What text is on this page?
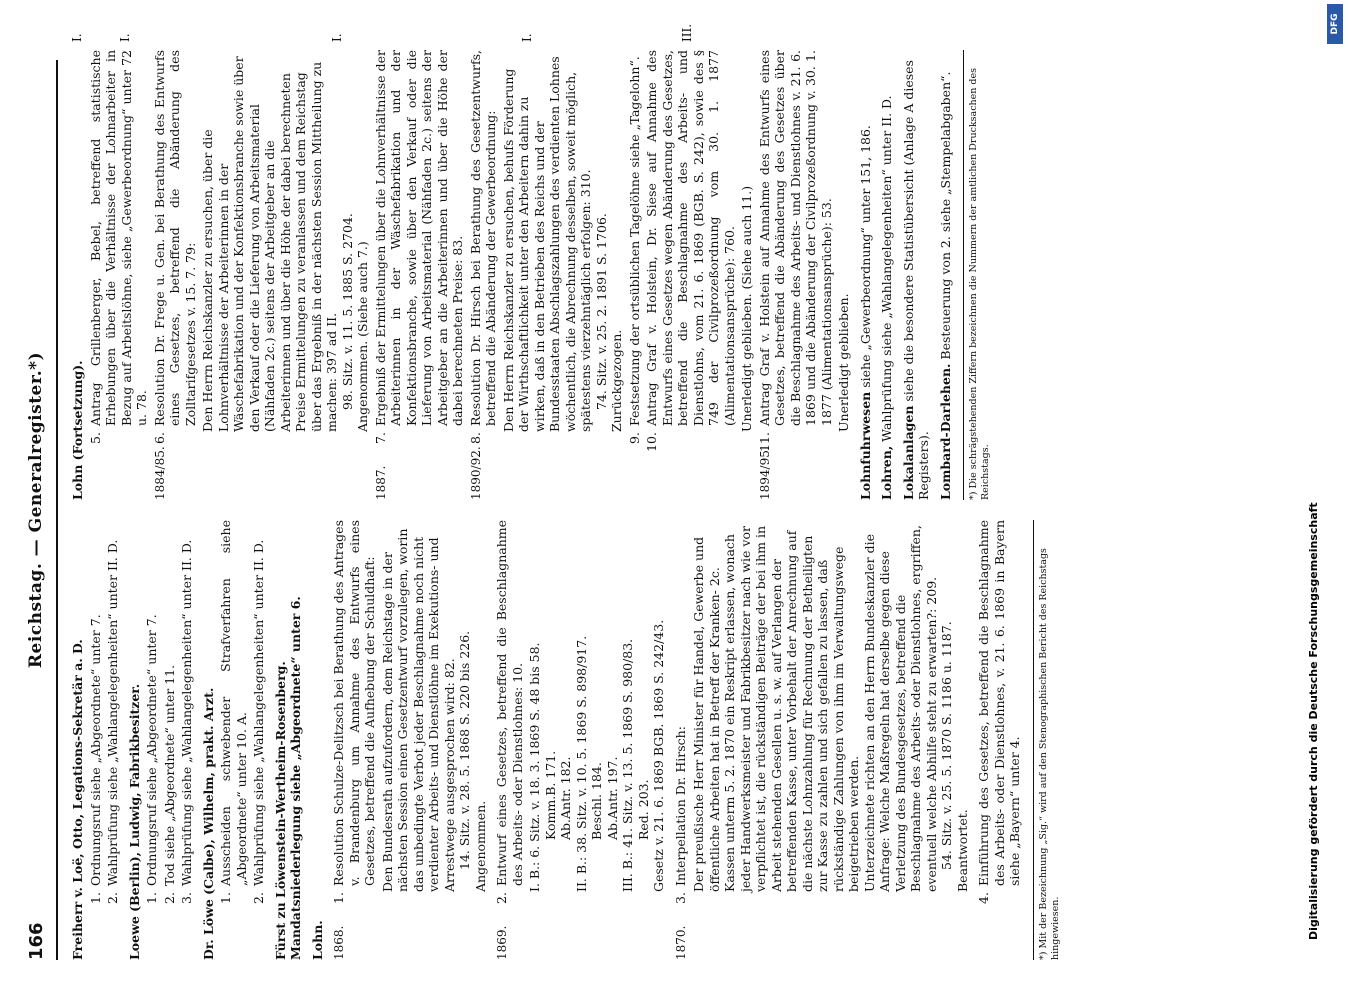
166
Reichstag. — Generalregister.*)
Freiherr v. Loë, Otto, Legations-Sekretär a. D. 1.
Ordnungsruf siehe „Abgeordnete“ unter 7.
2.
Wahlprüfung siehe „Wahlangelegenheiten“ unter II. D. Loewe (Berlin), Ludwig, Fabrikbesitzer. 1.
Ordnungsruf siehe „Abgeordnete“ unter 7.
2.
Tod siehe „Abgeordnete“ unter 11.
3.
Wahlprüfung siehe „Wahlangelegenheiten“ unter II. D. Dr. Löwe (Calbe), Wilhelm, prakt. Arzt. 1.
Ausscheiden schwebender Strafverfahren siehe „Abgeordnete“ unter 10. A.
2.
Wahlprüfung siehe „Wahlangelegenheiten“ unter II. D. Fürst zu Löwenstein-Wertheim-Rosenberg. Mandatsniederlegung siehe „Abgeordnete“ unter 6. Lohn. 1868.
1.
Resolution Schulze-Delitzsch bei Berathung des Antrages v. Brandenburg um Annahme des Entwurfs eines Gesetzes, betreffend die Aufhebung der Schuldhaft: Den Bundesrath aufzufordern, dem Reichstage in der nächsten Session einen Gesetzentwurf vorzulegen, worin das unbedingte Verbot jeder Beschlagnahme noch nicht verdienter Arbeits- und Dienstlöhne im Exekutions- und Arrestwege ausgesprochen wird: 82. 14. Sitz. v. 28. 5. 1868 S. 220 bis 226. Angenommen.
1869.
2.
Entwurf eines Gesetzes, betreffend die Beschlagnahme des Arbeits- oder Dienstlohnes: 10. I. B.: 6. Sitz. v. 18. 3. 1869 S. 48 bis 58. Komm.B. 171. Ab.Antr. 182. II. B.: 38. Sitz. v. 10. 5. 1869 S. 898/917. Beschl. 184. Ab.Antr. 197. III. B.: 41. Sitz. v. 13. 5. 1869 S. 980/83. Red. 203. Gesetz v. 21. 6. 1869 BGB. 1869 S. 242/43.
1870.
3.
Interpellation Dr. Hirsch: Der preußische Herr Minister für Handel, Gewerbe und öffentliche Arbeiten hat in Betreff der Kranken- 2c. Kassen unterm 5. 2. 1870 ein Reskript erlassen, wonach jeder Handwerksmeister und Fabrikbesitzer nach wie vor verpflichtet ist, die rückständigen Beiträge der bei ihm in Arbeit stehenden Gesellen u. s. w. auf Verlangen der betreffenden Kasse, unter Vorbehalt der Anrechnung auf die nächste Lohnzahlung für Rechnung der Betheiligten zur Kasse zu zahlen und sich gefallen zu lassen, daß rückständige Zahlungen von ihm im Verwaltungswege beigetrieben werden. Unterzeichnete richten an den Herrn Bundeskanzler die Anfrage: Welche Maßregeln hat derselbe gegen diese Verletzung des Bundesgesetzes, betreffend die Beschlagnahme des Arbeits- oder Dienstlohnes, ergriffen, eventuell welche Abhilfe steht zu erwarten?: 209. 54. Sitz. v. 25. 5. 1870 S. 1186 u. 1187. Beantwortet.
4.
Einführung des Gesetzes, betreffend die Beschlagnahme des Arbeits- oder Dienstlohnes, v. 21. 6. 1869 in Bayern siehe „Bayern“ unter 4.	*) Mit der Bezeichnung „Sig.“ wird auf den Stenographischen Bericht des Reichstags hingewiesen.
Lohn (Fortsetzung). 5.
Antrag Grillenberger, Bebel, betreffend statistische Erhebungen über die Verhältnisse der Lohnarbeiter in Bezug auf Arbeitslöhne, siehe „Gewerbeordnung“ unter 72 u. 78.
1884/85.
6.
Resolution Dr. Frege u. Gen. bei Berathung des Entwurfs eines Gesetzes, betreffend die Abänderung des Zolltarifgesetzes v. 15. 7. 79: Den Herrn Reichskanzler zu ersuchen, über die Lohnverhältnisse der Arbeiterinnen in der Wäschefabrikation und der Konfektionsbranche sowie über den Verkauf oder die Lieferung von Arbeitsmaterial (Nähfaden 2c.) seitens der Arbeitgeber an die Arbeiterinnen und über die Höhe der dabei berechneten Preise Ermittelungen zu veranlassen und dem Reichstag über das Ergebniß in der nächsten Session Mittheilung zu machen: 397 ad II. 98. Sitz. v. 11. 5. 1885 S. 2704. Angenommen. (Siehe auch 7.)
1887.
7.
Ergebniß der Ermittelungen über die Lohnverhältnisse der Arbeiterinnen in der Wäschefabrikation und der Konfektionsbranche, sowie über den Verkauf oder die Lieferung von Arbeitsmaterial (Nähfaden 2c.) seitens der Arbeitgeber an die Arbeiterinnen und über die Höhe der dabei berechneten Preise: 83.
1890/92.
8.
Resolution Dr. Hirsch bei Berathung des Gesetzentwurfs, betreffend die Abänderung der Gewerbeordnung: Den Herrn Reichskanzler zu ersuchen, behufs Förderung der Wirthschaftlichkeit unter den Arbeitern dahin zu wirken, daß in den Betrieben des Reichs und der Bundesstaaten Abschlagszahlungen des verdienten Lohnes wöchentlich, die Abrechnung desselben, soweit möglich, spätestens vierzehntäglich erfolgen: 310. 74. Sitz. v. 25. 2. 1891 S. 1706. Zurückgezogen.
9.
Festsetzung der ortsüblichen Tagelöhne siehe „Tagelohn“.
10.
Antrag Graf v. Holstein, Dr. Siese auf Annahme des Entwurfs eines Gesetzes wegen Abänderung des Gesetzes, betreffend die Beschlagnahme des Arbeits- und Dienstlohns, vom 21. 6. 1869 (BGB. S. 242), sowie des § 749 der Civilprozeßordnung vom 30. 1. 1877 (Alimentationsansprüche): 760. Unerledigt geblieben. (Siehe auch 11.)
1894/95.
11.
Antrag Graf v. Holstein auf Annahme des Entwurfs eines Gesetzes, betreffend die Abänderung des Gesetzes über die Beschlagnahme des Arbeits- und Dienstlohnes v. 21. 6. 1869 und die Abänderung der Civilprozeßordnung v. 30. 1. 1877 (Alimentationsansprüche): 53. Unerledigt geblieben.
Lohnfuhrwesen siehe „Gewerbeordnung“ unter 151, 186.
Lohren, Wahlprüfung siehe „Wahlangelegenheiten“ unter II. D.
Lokalanlagen siehe die besondere Statistübersicht (Anlage A dieses Registers). Lombard-Darlehen. Besteuerung von 2. siehe „Stempelabgaben“.	*) Die schrägstehenden Ziffern bezeichnen die Nummern der amtlichen Drucksachen des Reichstags.
I.	I.	I.	I.	III.	DFG
Digitalisierung gefördert durch die Deutsche Forschungsgemeinschaft
